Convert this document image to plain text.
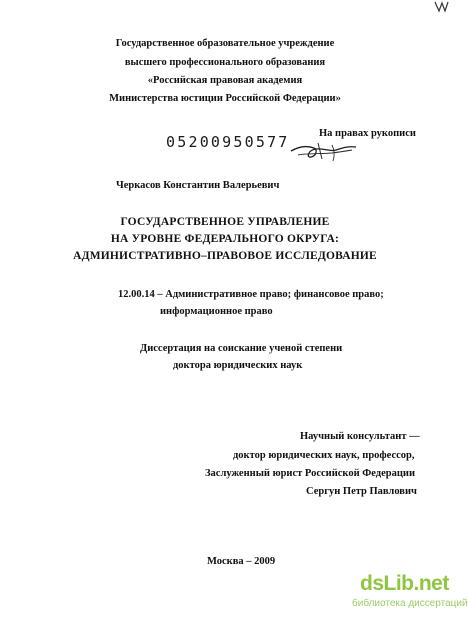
Государственное образовательное учреждение
высшего профессионального образования
«Российская правовая академия
Министерства юстиции Российской Федерации»
На правах рукописи
05200950577
Черкасов Константин Валерьевич
ГОСУДАРСТВЕННОЕ УПРАВЛЕНИЕ
НА УРОВНЕ ФЕДЕРАЛЬНОГО ОКРУГА:
АДМИНИСТРАТИВНО–ПРАВОВОЕ ИССЛЕДОВАНИЕ
12.00.14 – Административное право; финансовое право;
информационное право
Диссертация на соискание ученой степени
доктора юридических наук
Научный консультант —
доктор юридических наук, профессор,
Заслуженный юрист Российской Федерации
Сергун Петр Павлович
Москва – 2009
dsLib.net
библиотека диссертаций
